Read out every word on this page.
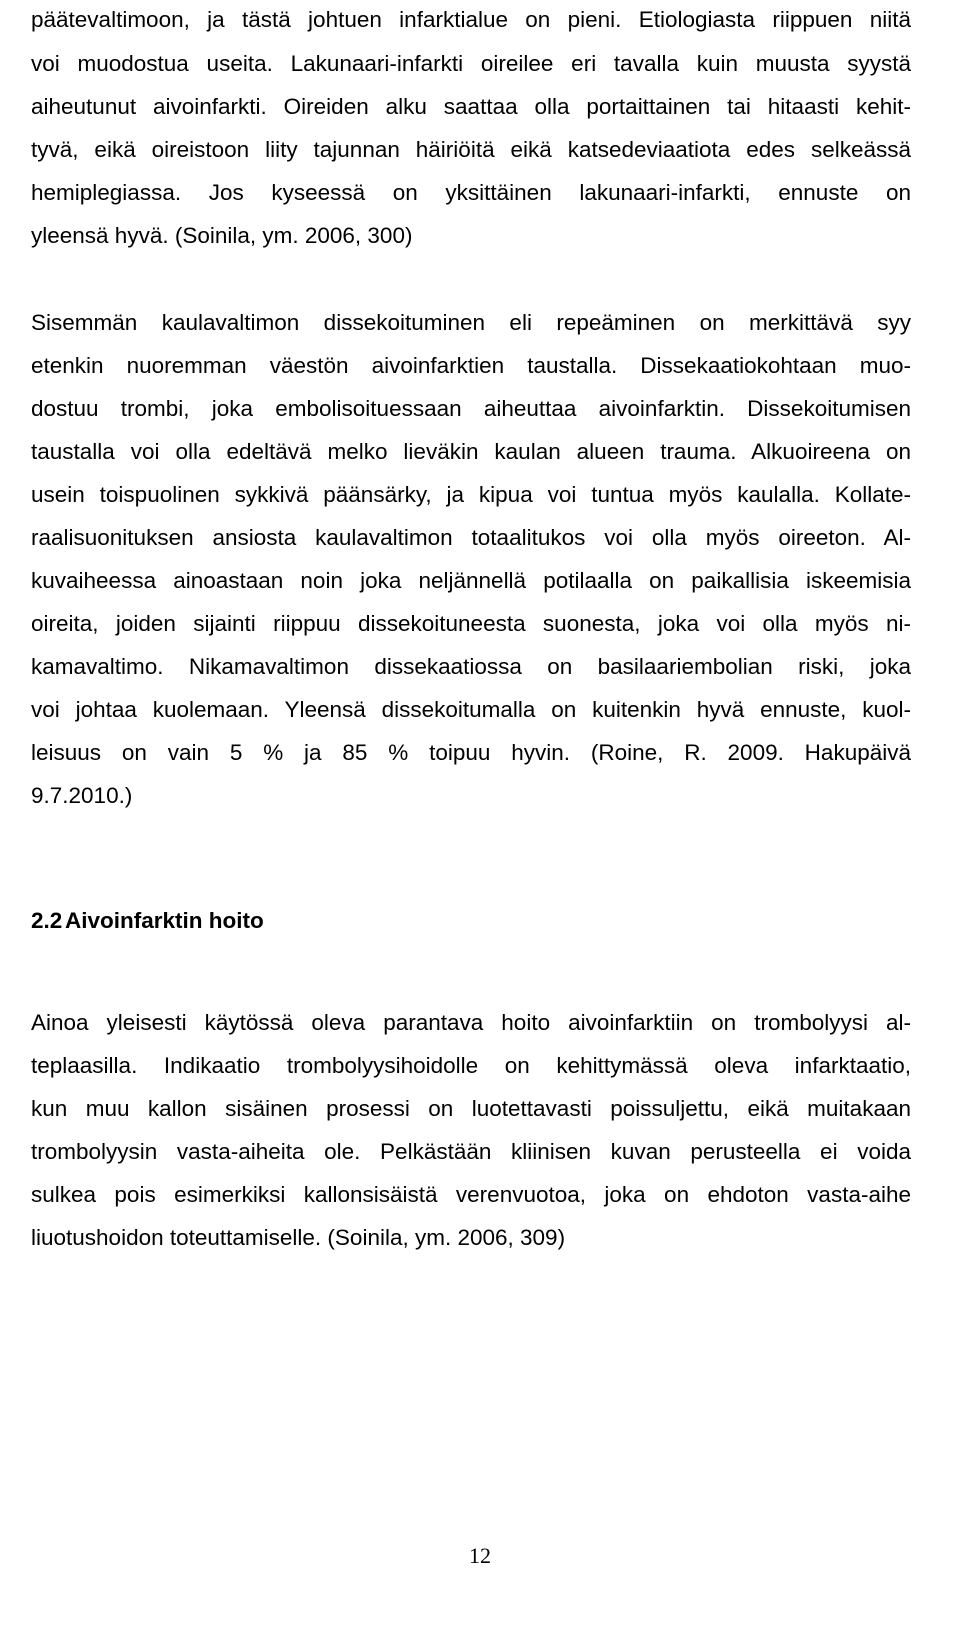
päätevaltimoon, ja tästä johtuen infarktialue on pieni. Etiologiasta riippuen niitä
voi muodostua useita. Lakunaari-infarkti oireilee eri tavalla kuin muusta syystä
aiheutunut aivoinfarkti. Oireiden alku saattaa olla portaittainen tai hitaasti kehit-
tyvä, eikä oireistoon liity tajunnan häiriöitä eikä katsedeviaatiota edes selkeässä
hemiplegiassa. Jos kyseessä on yksittäinen lakunaari-infarkti, ennuste on
yleensä hyvä. (Soinila, ym. 2006, 300)
Sisemmän kaulavaltimon dissekoituminen eli repeäminen on merkittävä syy
etenkin nuoremman väestön aivoinfarktien taustalla. Dissekaatiokohtaan muo-
dostuu trombi, joka embolisoituessaan aiheuttaa aivoinfarktin. Dissekoitumisen
taustalla voi olla edeltävä melko lieväkin kaulan alueen trauma. Alkuoireena on
usein toispuolinen sykkivä päänsärky, ja kipua voi tuntua myös kaulalla. Kollate-
raalisuonituksen ansiosta kaulavaltimon totaalitukos voi olla myös oireeton. Al-
kuvaiheessa ainoastaan noin joka neljännellä potilaalla on paikallisia iskeemisia
oireita, joiden sijainti riippuu dissekoituneesta suonesta, joka voi olla myös ni-
kamavaltimo. Nikamavaltimon dissekaatiossa on basilaariembolian riski, joka
voi johtaa kuolemaan. Yleensä dissekoitumalla on kuitenkin hyvä ennuste, kuol-
leisuus on vain 5 % ja 85 % toipuu hyvin. (Roine, R. 2009. Hakupäivä
9.7.2010.)
2.2 Aivoinfarktin hoito
Ainoa yleisesti käytössä oleva parantava hoito aivoinfarktiin on trombolyysi al-
teplaasilla. Indikaatio trombolyysihoidolle on kehittymässä oleva infarktaatio,
kun muu kallon sisäinen prosessi on luotettavasti poissuljettu, eikä muitakaan
trombolyysin vasta-aiheita ole. Pelkästään kliinisen kuvan perusteella ei voida
sulkea pois esimerkiksi kallonsisäistä verenvuotoa, joka on ehdoton vasta-aihe
liuotushoidon toteuttamiselle. (Soinila, ym. 2006, 309)
12
